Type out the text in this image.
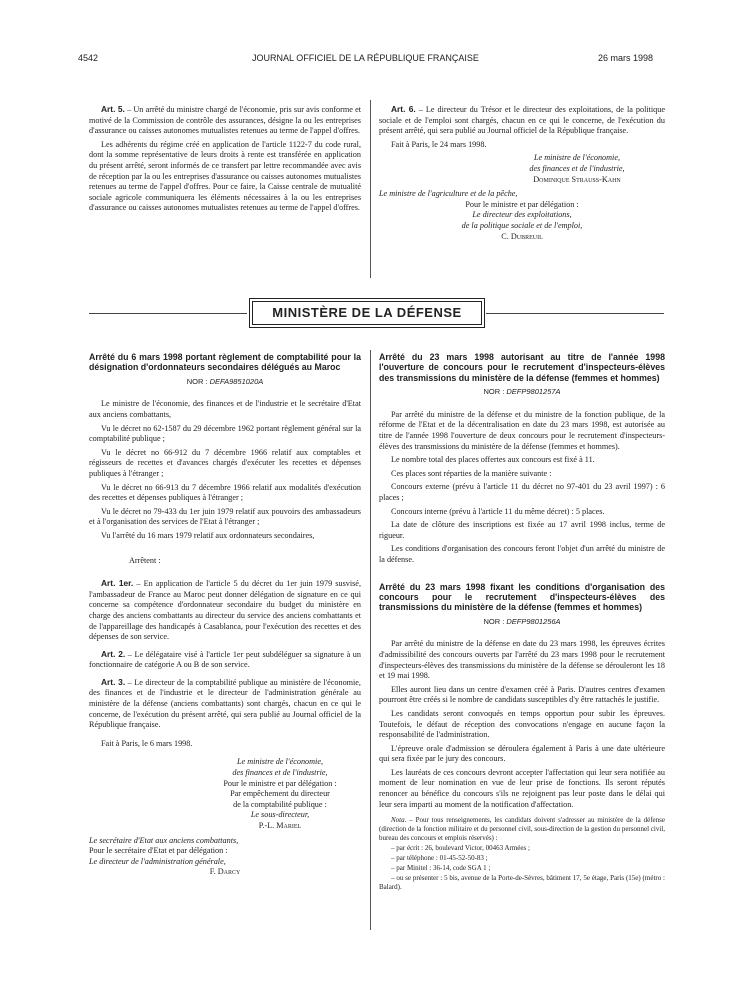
4542	JOURNAL OFFICIEL DE LA RÉPUBLIQUE FRANÇAISE	26 mars 1998

Art. 5. – Un arrêté du ministre chargé de l'économie, pris sur avis conforme et motivé de la Commission de contrôle des assurances, désigne la ou les entreprises d'assurance ou caisses autonomes mutualistes retenues au terme de l'appel d'offres.

Les adhérents du régime créé en application de l'article 1122-7 du code rural, dont la somme représentative de leurs droits à rente est transférée en application du présent arrêté, seront informés de ce transfert par lettre recommandée avec avis de réception par la ou les entreprises d'assurance ou caisses autonomes mutualistes retenues au terme de l'appel d'offres. Pour ce faire, la Caisse centrale de mutualité sociale agricole communiquera les éléments nécessaires à la ou les entreprises d'assurance ou caisses autonomes mutualistes retenues au terme de l'appel d'offres.

Art. 6. – Le directeur du Trésor et le directeur des exploitations, de la politique sociale et de l'emploi sont chargés, chacun en ce qui le concerne, de l'exécution du présent arrêté, qui sera publié au Journal officiel de la République française.

Fait à Paris, le 24 mars 1998.

Le ministre de l'économie,
des finances et de l'industrie,
Dominique Strauss-Kahn
Le ministre de l'agriculture et de la pêche,
Pour le ministre et par délégation :
Le directeur des exploitations,
de la politique sociale et de l'emploi,
C. Dubreuil
MINISTÈRE DE LA DÉFENSE
Arrêté du 6 mars 1998 portant règlement de comptabilité pour la désignation d'ordonnateurs secondaires délégués au Maroc
NOR : DEFA9851020A

Le ministre de l'économie, des finances et de l'industrie et le secrétaire d'Etat aux anciens combattants,

Vu le décret no 62-1587 du 29 décembre 1962 portant règlement général sur la comptabilité publique ;

Vu le décret no 66-912 du 7 décembre 1966 relatif aux comptables et régisseurs de recettes et d'avances chargés d'exécuter les recettes et dépenses publiques à l'étranger ;

Vu le décret no 66-913 du 7 décembre 1966 relatif aux modalités d'exécution des recettes et dépenses publiques à l'étranger ;

Vu le décret no 79-433 du 1er juin 1979 relatif aux pouvoirs des ambassadeurs et à l'organisation des services de l'Etat à l'étranger ;

Vu l'arrêté du 16 mars 1979 relatif aux ordonnateurs secondaires,

Arrêtent :

Art. 1er. – En application de l'article 5 du décret du 1er juin 1979 susvisé, l'ambassadeur de France au Maroc peut donner délégation de signature en ce qui concerne sa compétence d'ordonnateur secondaire du budget du ministère en charge des anciens combattants au directeur du service des anciens combattants et de l'appareillage des handicapés à Casablanca, pour l'exécution des recettes et des dépenses de son service.

Art. 2. – Le délégataire visé à l'article 1er peut subdéléguer sa signature à un fonctionnaire de catégorie A ou B de son service.

Art. 3. – Le directeur de la comptabilité publique au ministère de l'économie, des finances et de l'industrie et le directeur de l'administration générale au ministère de la défense (anciens combattants) sont chargés, chacun en ce qui le concerne, de l'exécution du présent arrêté, qui sera publié au Journal officiel de la République française.

Fait à Paris, le 6 mars 1998.

Le ministre de l'économie,
des finances et de l'industrie,
Pour le ministre et par délégation :
Par empêchement du directeur
de la comptabilité publique :
Le sous-directeur,
P.-L. Mariel
Le secrétaire d'Etat aux anciens combattants,
Pour le secrétaire d'Etat et par délégation :
Le directeur de l'administration générale,
F. Darcy
Arrêté du 23 mars 1998 autorisant au titre de l'année 1998 l'ouverture de concours pour le recrutement d'inspecteurs-élèves des transmissions du ministère de la défense (femmes et hommes)
NOR : DEFP9801257A

Par arrêté du ministre de la défense et du ministre de la fonction publique, de la réforme de l'Etat et de la décentralisation en date du 23 mars 1998, est autorisée au titre de l'année 1998 l'ouverture de deux concours pour le recrutement d'inspecteurs-élèves des transmissions du ministère de la défense (femmes et hommes).

Le nombre total des places offertes aux concours est fixé à 11.

Ces places sont réparties de la manière suivante :

Concours externe (prévu à l'article 11 du décret no 97-401 du 23 avril 1997) : 6 places ;

Concours interne (prévu à l'article 11 du même décret) : 5 places.

La date de clôture des inscriptions est fixée au 17 avril 1998 inclus, terme de rigueur.

Les conditions d'organisation des concours feront l'objet d'un arrêté du ministre de la défense.

Arrêté du 23 mars 1998 fixant les conditions d'organisation des concours pour le recrutement d'inspecteurs-élèves des transmissions du ministère de la défense (femmes et hommes)
NOR : DEFP9801256A

Par arrêté du ministre de la défense en date du 23 mars 1998, les épreuves écrites d'admissibilité des concours ouverts par l'arrêté du 23 mars 1998 pour le recrutement d'inspecteurs-élèves des transmissions du ministère de la défense se dérouleront les 18 et 19 mai 1998.

Elles auront lieu dans un centre d'examen créé à Paris. D'autres centres d'examen pourront être créés si le nombre de candidats susceptibles d'y être rattachés le justifie.

Les candidats seront convoqués en temps opportun pour subir les épreuves. Toutefois, le défaut de réception des convocations n'engage en aucune façon la responsabilité de l'administration.

L'épreuve orale d'admission se déroulera également à Paris à une date ultérieure qui sera fixée par le jury des concours.

Les lauréats de ces concours devront accepter l'affectation qui leur sera notifiée au moment de leur nomination en vue de leur prise de fonctions. Ils seront réputés renoncer au bénéfice du concours s'ils ne rejoignent pas leur poste dans le délai qui leur sera imparti au moment de la notification d'affectation.

Nota. – Pour tous renseignements, les candidats doivent s'adresser au ministère de la défense (direction de la fonction militaire et du personnel civil, sous-direction de la gestion du personnel civil, bureau des concours et emplois réservés) :

– par écrit : 26, boulevard Victor, 00463 Armées ;

– par téléphone : 01-45-52-50-83 ;

– par Minitel : 36-14, code SGA 1 ;

– ou se présenter : 5 bis, avenue de la Porte-de-Sèvres, bâtiment 17, 5e étage, Paris (15e) (métro : Balard).
